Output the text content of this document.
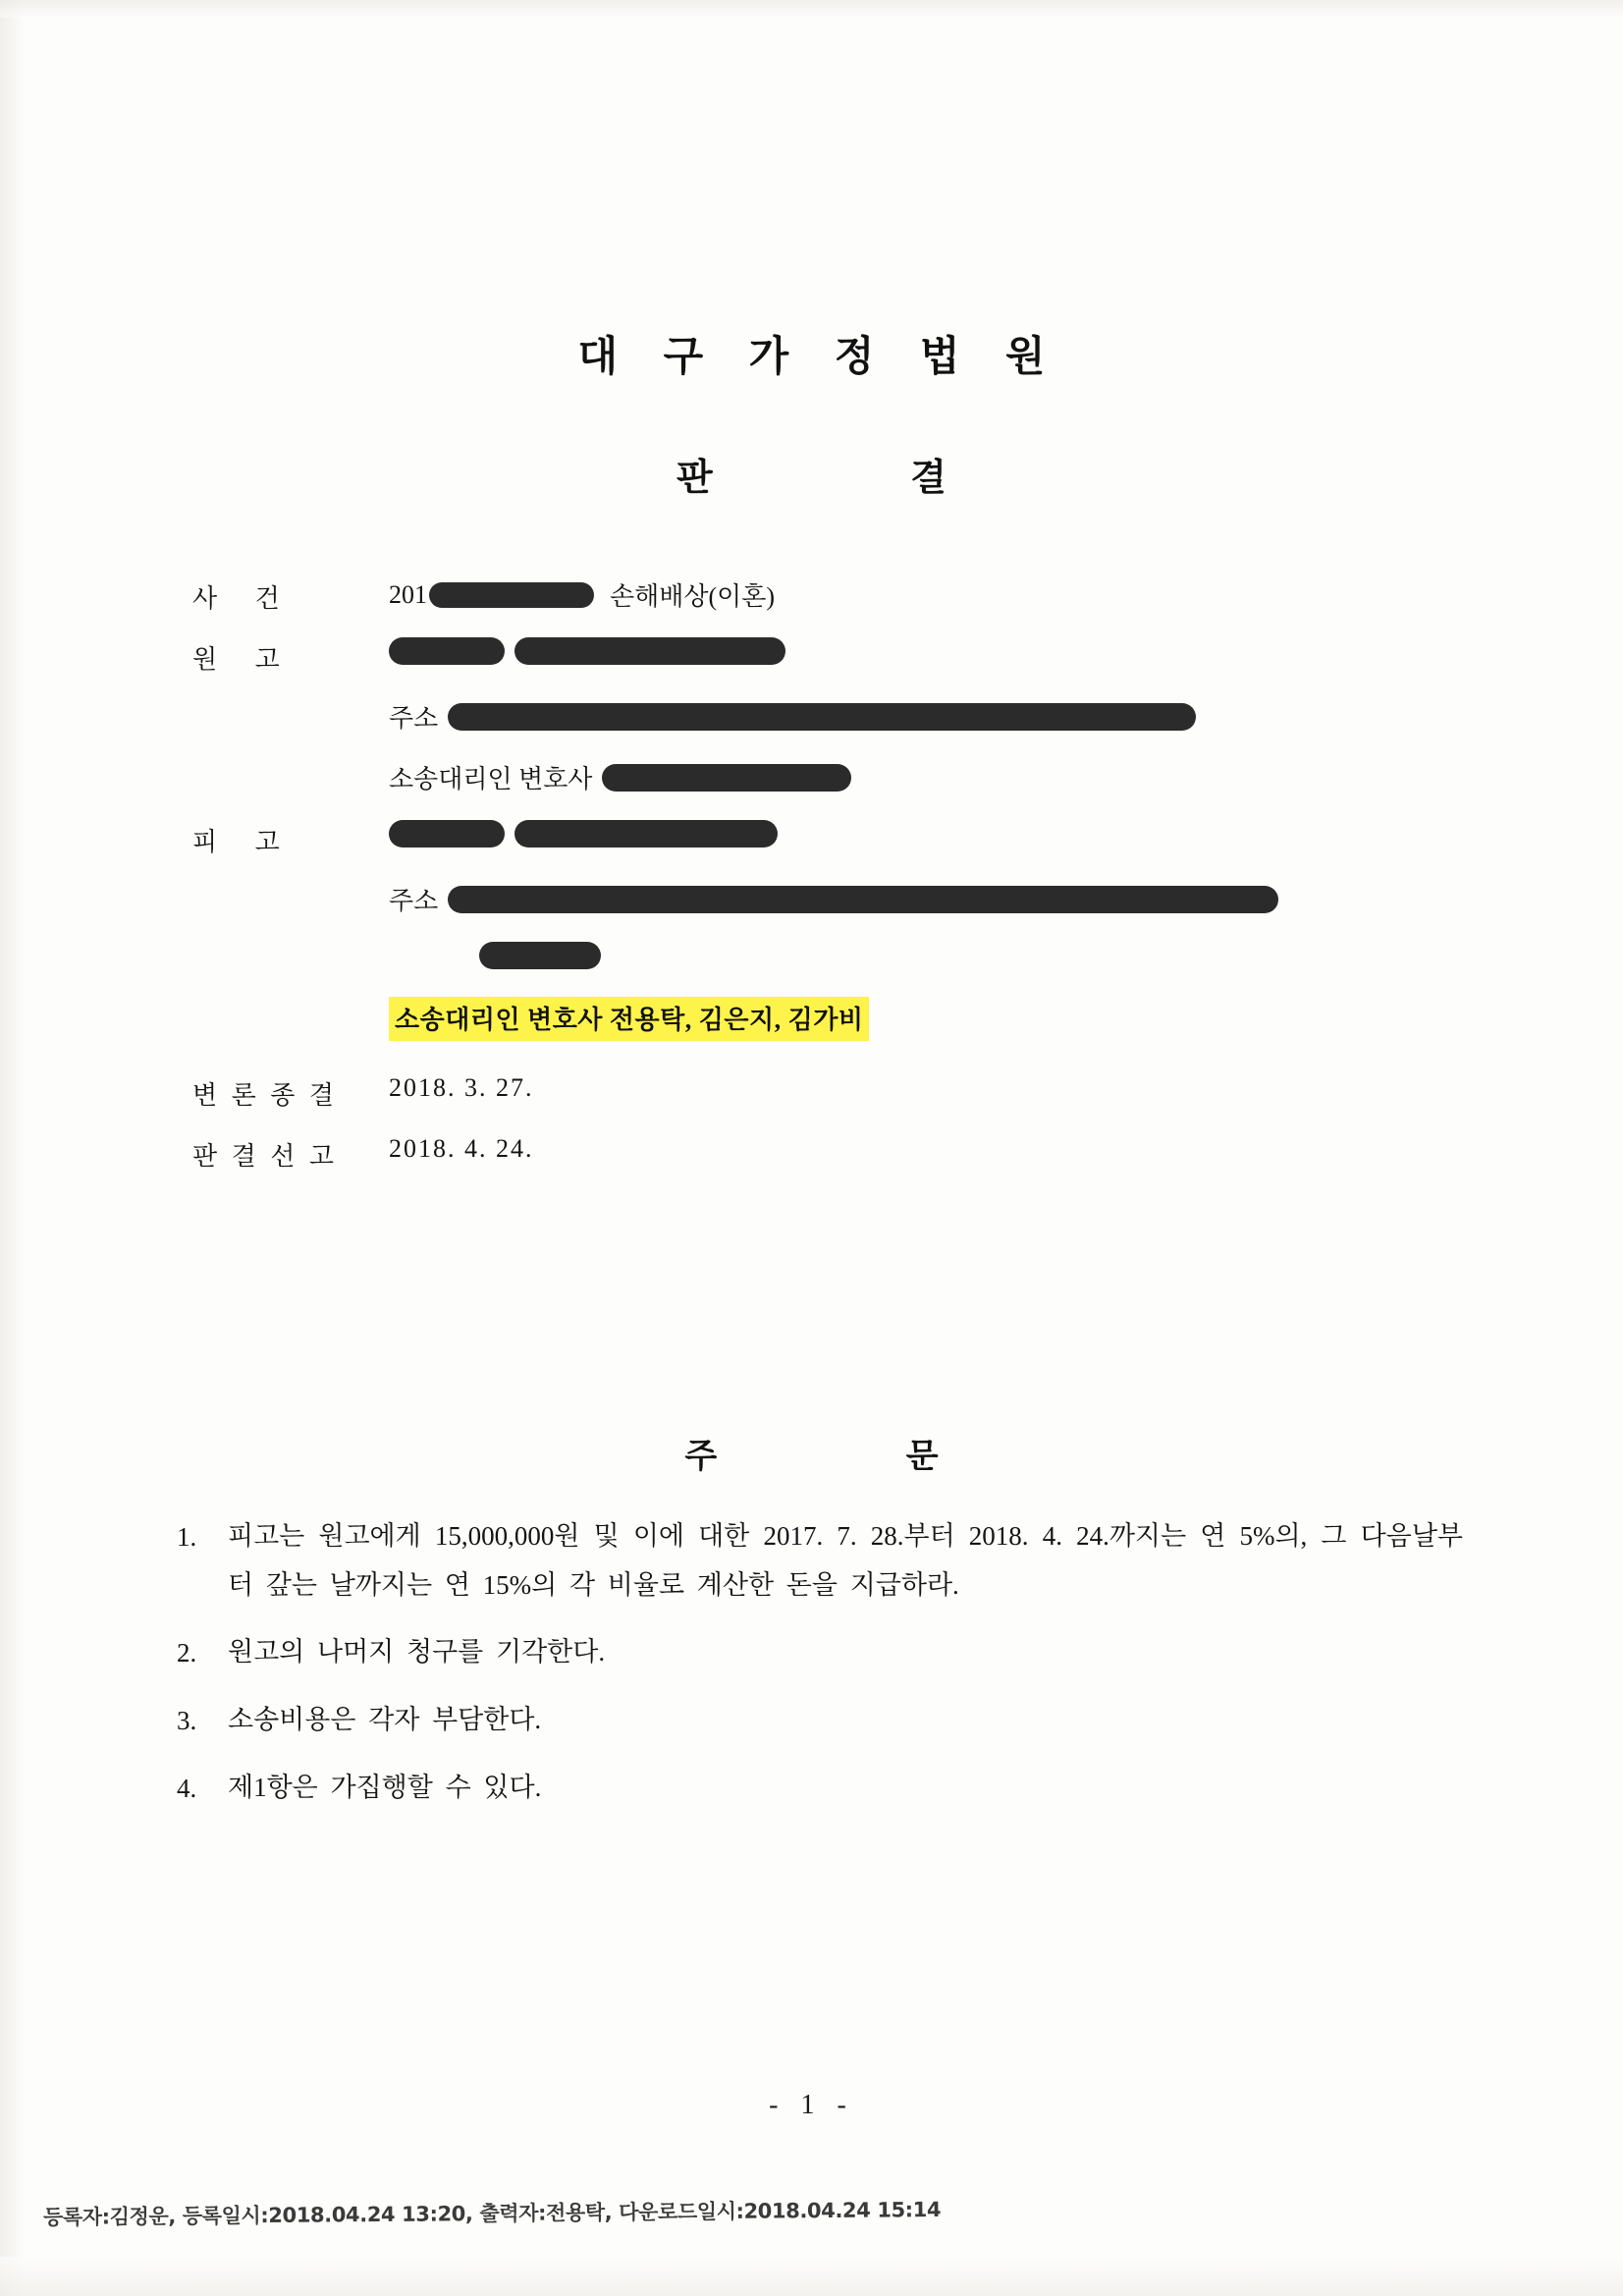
대 구 가 정 법 원
판 결
사 건	201	손해배상(이혼)
원 고
주소
소송대리인 변호사
피 고
주소
소송대리인 변호사 전용탁, 김은지, 김가비
변 론 종 결	2018. 3. 27.
판 결 선 고	2018. 4. 24.
주 문
1.	피고는 원고에게 15,000,000원 및 이에 대한 2017. 7. 28.부터 2018. 4. 24.까지는 연 5%의, 그 다음날부터 갚는 날까지는 연 15%의 각 비율로 계산한 돈을 지급하라.
2.	원고의 나머지 청구를 기각한다.
3.	소송비용은 각자 부담한다.
4.	제1항은 가집행할 수 있다.
- 1 -
등록자:김정운, 등록일시:2018.04.24 13:20, 출력자:전용탁, 다운로드일시:2018.04.24 15:14
